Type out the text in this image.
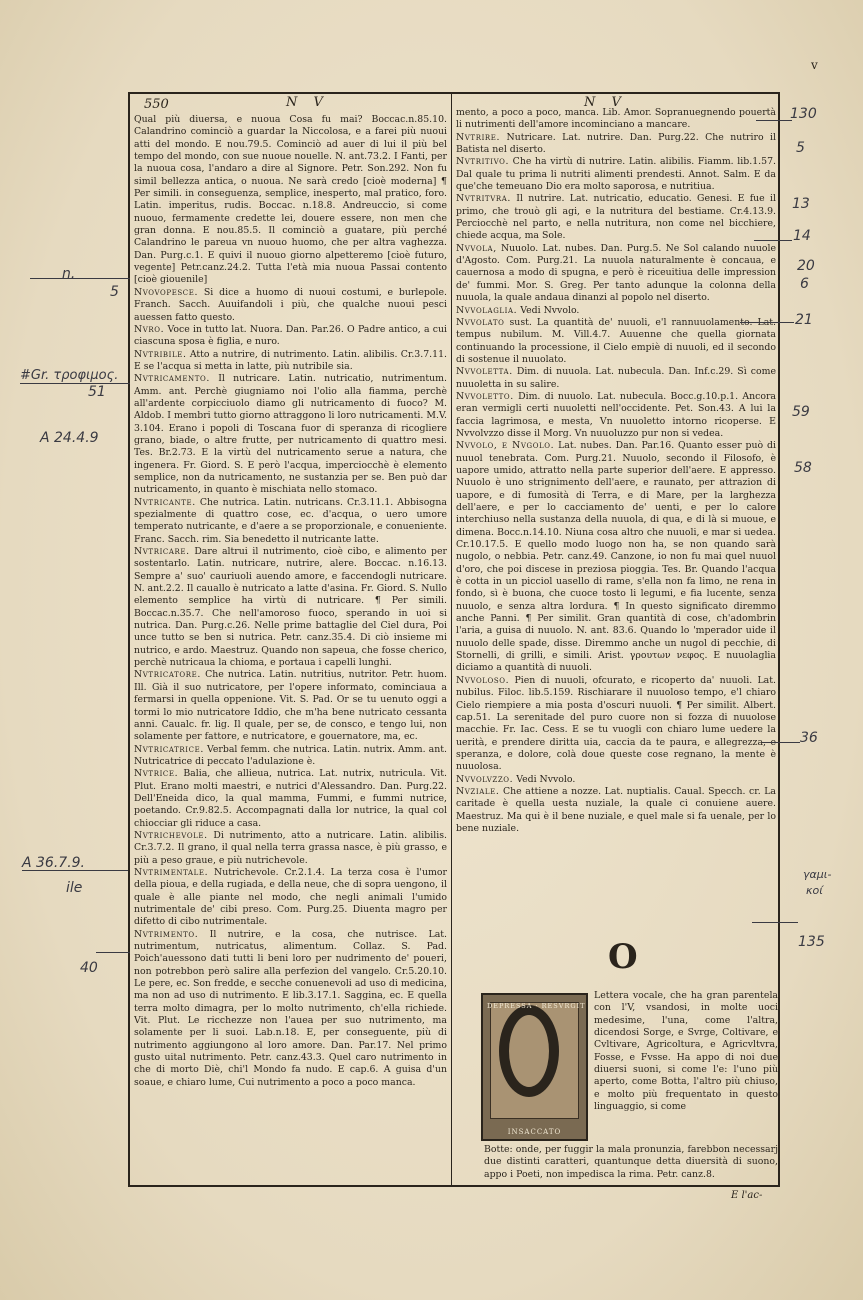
v
550	N V	N V

Qual più diuersa, e nuoua Cosa fu mai? Boccac.n.85.10. Calandrino cominciò a guardar la Niccolosa, e a farei più nuoui atti del mondo. E nou.79.5. Cominciò ad auer di lui il più bel tempo del mondo, con sue nuoue nouelle. N. ant.73.2. I Fanti, per la nuoua cosa, l'andaro a dire al Signore. Petr. Son.292. Non fu simil bellezza antica, o nuoua. Ne sarà credo [cioè moderna] ¶ Per simili. in conseguenza, semplice, inesperto, mal pratico, foro. Latin. imperitus, rudis. Boccac. n.18.8. Andreuccio, si come nuouo, fermamente credette lei, douere essere, non men che gran donna. E nou.85.5. Il cominciò a guatare, più perché Calandrino le pareua vn nuouo huomo, che per altra vaghezza. Dan. Purg.c.1. E quivi il nuouo giorno alpetteremo [cioè futuro, vegente] Petr.canz.24.2. Tutta l'età mia nuoua Passai contento [cioè giouenile]

Nvovopesce. Si dice a huomo di nuoui costumi, e burlepole. Franch. Sacch. Auuifandoli i più, che qualche nuoui pesci auessen fatto questo.

Nvro. Voce in tutto lat. Nuora. Dan. Par.26. O Padre antico, a cui ciascuna sposa è figlia, e nuro.

Nvtribile. Atto a nutrire, di nutrimento. Latin. alibilis. Cr.3.7.11. E se l'acqua si metta in latte, più nutribile sia.

Nvtricamento. Il nutricare. Latin. nutricatio, nutrimentum. Amm. ant. Perchè giugniamo noi l'olio alla fiamma, perchè all'ardente corpicciuolo diamo gli nutricamento di fuoco? M. Aldob. I membri tutto giorno attraggono li loro nutricamenti. M.V. 3.104. Erano i popoli di Toscana fuor di speranza di ricogliere grano, biade, o altre frutte, per nutricamento di quattro mesi. Tes. Br.2.73. E la virtù del nutricamento serue a natura, che ingenera. Fr. Giord. S. E però l'acqua, imperciocchè è elemento semplice, non da nutricamento, ne sustanzia per se. Ben può dar nutricamento, in quanto è mischiata nello stomaco.

Nvtricante. Che nutrica. Latin. nutricans. Cr.3.11.1. Abbisogna spezialmente di quattro cose, ec. d'acqua, o uero umore temperato nutricante, e d'aere a se proporzionale, e conueniente. Franc. Sacch. rim. Sia benedetto il nutricante latte.

Nvtricare. Dare altrui il nutrimento, cioè cibo, e alimento per sostentarlo. Latin. nutricare, nutrire, alere. Boccac. n.16.13. Sempre a' suo' cauriuoli auendo amore, e faccendogli nutricare. N. ant.2.2. Il cauallo è nutricato a latte d'asina. Fr. Giord. S. Nullo elemento semplice ha virtù di nutricare. ¶ Per simili. Boccac.n.35.7. Che nell'amoroso fuoco, sperando in uoi si nutrica. Dan. Purg.c.26. Nelle prime battaglie del Ciel dura, Poi unce tutto se ben si nutrica. Petr. canz.35.4. Di ciò insieme mi nutrico, e ardo. Maestruz. Quando non sapeua, che fosse cherico, perchè nutricaua la chioma, e portaua i capelli lunghi.

Nvtricatore. Che nutrica. Latin. nutritius, nutritor. Petr. huom. Ill. Già il suo nutricatore, per l'opere informato, cominciaua a fermarsi in quella oppenione. Vit. S. Pad. Or se tu uenuto oggi a tormi lo mio nutricatore Iddio, che m'ha bene nutricato cessanta anni. Caualc. fr. lig. Il quale, per se, de consco, e tengo lui, non solamente per fattore, e nutricatore, e gouernatore, ma, ec.

Nvtricatrice. Verbal femm. che nutrica. Latin. nutrix. Amm. ant. Nutricatrice di peccato l'adulazione è.

Nvtrice. Balia, che allieua, nutrica. Lat. nutrix, nutricula. Vit. Plut. Erano molti maestri, e nutrici d'Alessandro. Dan. Purg.22. Dell'Eneida dico, la qual mamma, Fummi, e fummi nutrice, poetando. Cr.9.82.5. Accompagnati dalla lor nutrice, la qual col chiocciar gli riduce a casa.

Nvtrichevole. Di nutrimento, atto a nutricare. Latin. alibilis. Cr.3.7.2. Il grano, il qual nella terra grassa nasce, è più grasso, e più a peso graue, e più nutrichevole.

Nvtrimentale. Nutrichevole. Cr.2.1.4. La terza cosa è l'umor della pioua, e della rugiada, e della neue, che di sopra uengono, il quale è alle piante nel modo, che negli animali l'umido nutrimentale de' cibi preso. Com. Purg.25. Diuenta magro per difetto di cibo nutrimentale.

Nvtrimento. Il nutrire, e la cosa, che nutrisce. Lat. nutrimentum, nutricatus, alimentum. Collaz. S. Pad. Poich'auessono dati tutti li beni loro per nudrimento de' poueri, non potrebbon però salire alla perfezion del vangelo. Cr.5.20.10. Le pere, ec. Son fredde, e secche conuenevoli ad uso di medicina, ma non ad uso di nutrimento. E lib.3.17.1. Saggina, ec. E quella terra molto dimagra, per lo molto nutrimento, ch'ella richiede. Vit. Plut. Le ricchezze non l'auea per suo nutrimento, ma solamente per li suoi. Lab.n.18. E, per conseguente, più di nutrimento aggiungono al loro amore. Dan. Par.17. Nel primo gusto uital nutrimento. Petr. canz.43.3. Quel caro nutrimento in che di morto Diè, chi'l Mondo fa nudo. E cap.6. A guisa d'un soaue, e chiaro lume, Cui nutrimento a poco a poco manca.

mento, a poco a poco, manca. Lib. Amor. Sopranuegnendo pouertà li nutrimenti dell'amore incominciano a mancare.

Nvtrire. Nutricare. Lat. nutrire. Dan. Purg.22. Che nutriro il Batista nel diserto.

Nvtritivo. Che ha virtù di nutrire. Latin. alibilis. Fiamm. lib.1.57. Dal quale tu prima li nutriti alimenti prendesti. Annot. Salm. E da que'che temeuano Dio era molto saporosa, e nutritiua.

Nvtritvra. Il nutrire. Lat. nutricatio, educatio. Genesi. E fue il primo, che trouò gli agi, e la nutritura del bestiame. Cr.4.13.9. Perciocchè nel parto, e nella nutritura, non come nel bicchiere, chiede acqua, ma Sole.

Nvvola, Nuuolo. Lat. nubes. Dan. Purg.5. Ne Sol calando nuuole d'Agosto. Com. Purg.21. La nuuola naturalmente è concaua, e cauernosa a modo di spugna, e però è riceuitiua delle impression de' fummi. Mor. S. Greg. Per tanto adunque la colonna della nuuola, la quale andaua dinanzi al popolo nel diserto.

Nvvolaglia. Vedi Nvvolo.

Nvvolato sust. La quantità de' nuuoli, e'l rannuuolamento. Lat. tempus nubilum. M. Vill.4.7. Auuenne che quella giornata continuando la processione, il Cielo empiè di nuuoli, ed il secondo di sostenue il nuuolato.

Nvvoletta. Dim. di nuuola. Lat. nubecula. Dan. Inf.c.29. Sì come nuuoletta in su salire.

Nvvoletto. Dim. di nuuolo. Lat. nubecula. Bocc.g.10.p.1. Ancora eran vermigli certi nuuoletti nell'occidente. Pet. Son.43. A lui la faccia lagrimosa, e mesta, Vn nuuoletto intorno ricoperse. E Nvvolvzzo disse il Morg. Vn nuuoluzzo pur non si vedea.

Nvvolo, e Nvgolo. Lat. nubes. Dan. Par.16. Quanto esser può di nuuol tenebrata. Com. Purg.21. Nuuolo, secondo il Filosofo, è uapore umido, attratto nella parte superior dell'aere. E appresso. Nuuolo è uno strignimento dell'aere, e raunato, per attrazion di uapore, e di fumosità di Terra, e di Mare, per la larghezza dell'aere, e per lo cacciamento de' uenti, e per lo calore interchiuso nella sustanza della nuuola, di qua, e di là si muoue, e dimena. Bocc.n.14.10. Niuna cosa altro che nuuoli, e mar si uedea. Cr.10.17.5. E quello modo luogo non ha, se non quando sarà nugolo, o nebbia. Petr. canz.49. Canzone, io non fu mai quel nuuol d'oro, che poi discese in preziosa pioggia. Tes. Br. Quando l'acqua è cotta in un picciol uasello di rame, s'ella non fa limo, ne rena in fondo, sì è buona, che cuoce tosto li legumi, e fia lucente, senza nuuolo, e senza altra lordura. ¶ In questo significato diremmo anche Panni. ¶ Per similit. Gran quantità di cose, ch'adombrin l'aria, a guisa di nuuolo. N. ant. 83.6. Quando lo 'mperador uide il nuuolo delle spade, disse. Diremmo anche un nugol di pecchie, di Stornelli, di grilli, e simili. Arist. γρουτων νεφος. E nuuolaglia diciamo a quantità di nuuoli.

Nvvoloso. Pien di nuuoli, ofcurato, e ricoperto da' nuuoli. Lat. nubilus. Filoc. lib.5.159. Rischiarare il nuuoloso tempo, e'l chiaro Cielo riempiere a mia posta d'oscuri nuuoli. ¶ Per similit. Albert. cap.51. La serenitade del puro cuore non si fozza di nuuolose macchie. Fr. Iac. Cess. E se tu vuogli con chiaro lume uedere la uerità, e prendere diritta uia, caccia da te paura, e allegrezza, e speranza, e dolore, colà doue queste cose regnano, la mente è nuuolosa.

Nvvolvzzo. Vedi Nvvolo.

Nvziale. Che attiene a nozze. Lat. nuptialis. Caual. Specch. cr. La caritade è quella uesta nuziale, la quale ci conuiene auere. Maestruz. Ma qui è il bene nuziale, e quel male si fa uenale, per lo bene nuziale.

O
DEPRESSA · RESVRGIT
INSACCATO
Lettera vocale, che ha gran parentela con l'V, vsandosi, in molte uoci medesime, l'una, come l'altra, dicendosi Sorge, e Svrge, Coltivare, e Cvltivare, Agricoltura, e Agricvltvra, Fosse, e Fvsse. Ha appo di noi due diuersi suoni, si come l'e: l'uno più aperto, come Botta, l'altro più chiuso, e molto più frequentato in questo linguaggio, si come
Botte: onde, per fuggir la mala pronunzia, farebbon necessarj due distinti caratteri, quantunque detta diuersità di suono, appo i Poeti, non impedisca la rima. Petr. canz.8.
E l'ac-
130
5
13
14
20
6
21
59
58
36
γαμι-
κοί
135
n.
5
#Gr. τροφιμος.
51
A 24.4.9
A 36.7.9.
ile
40
